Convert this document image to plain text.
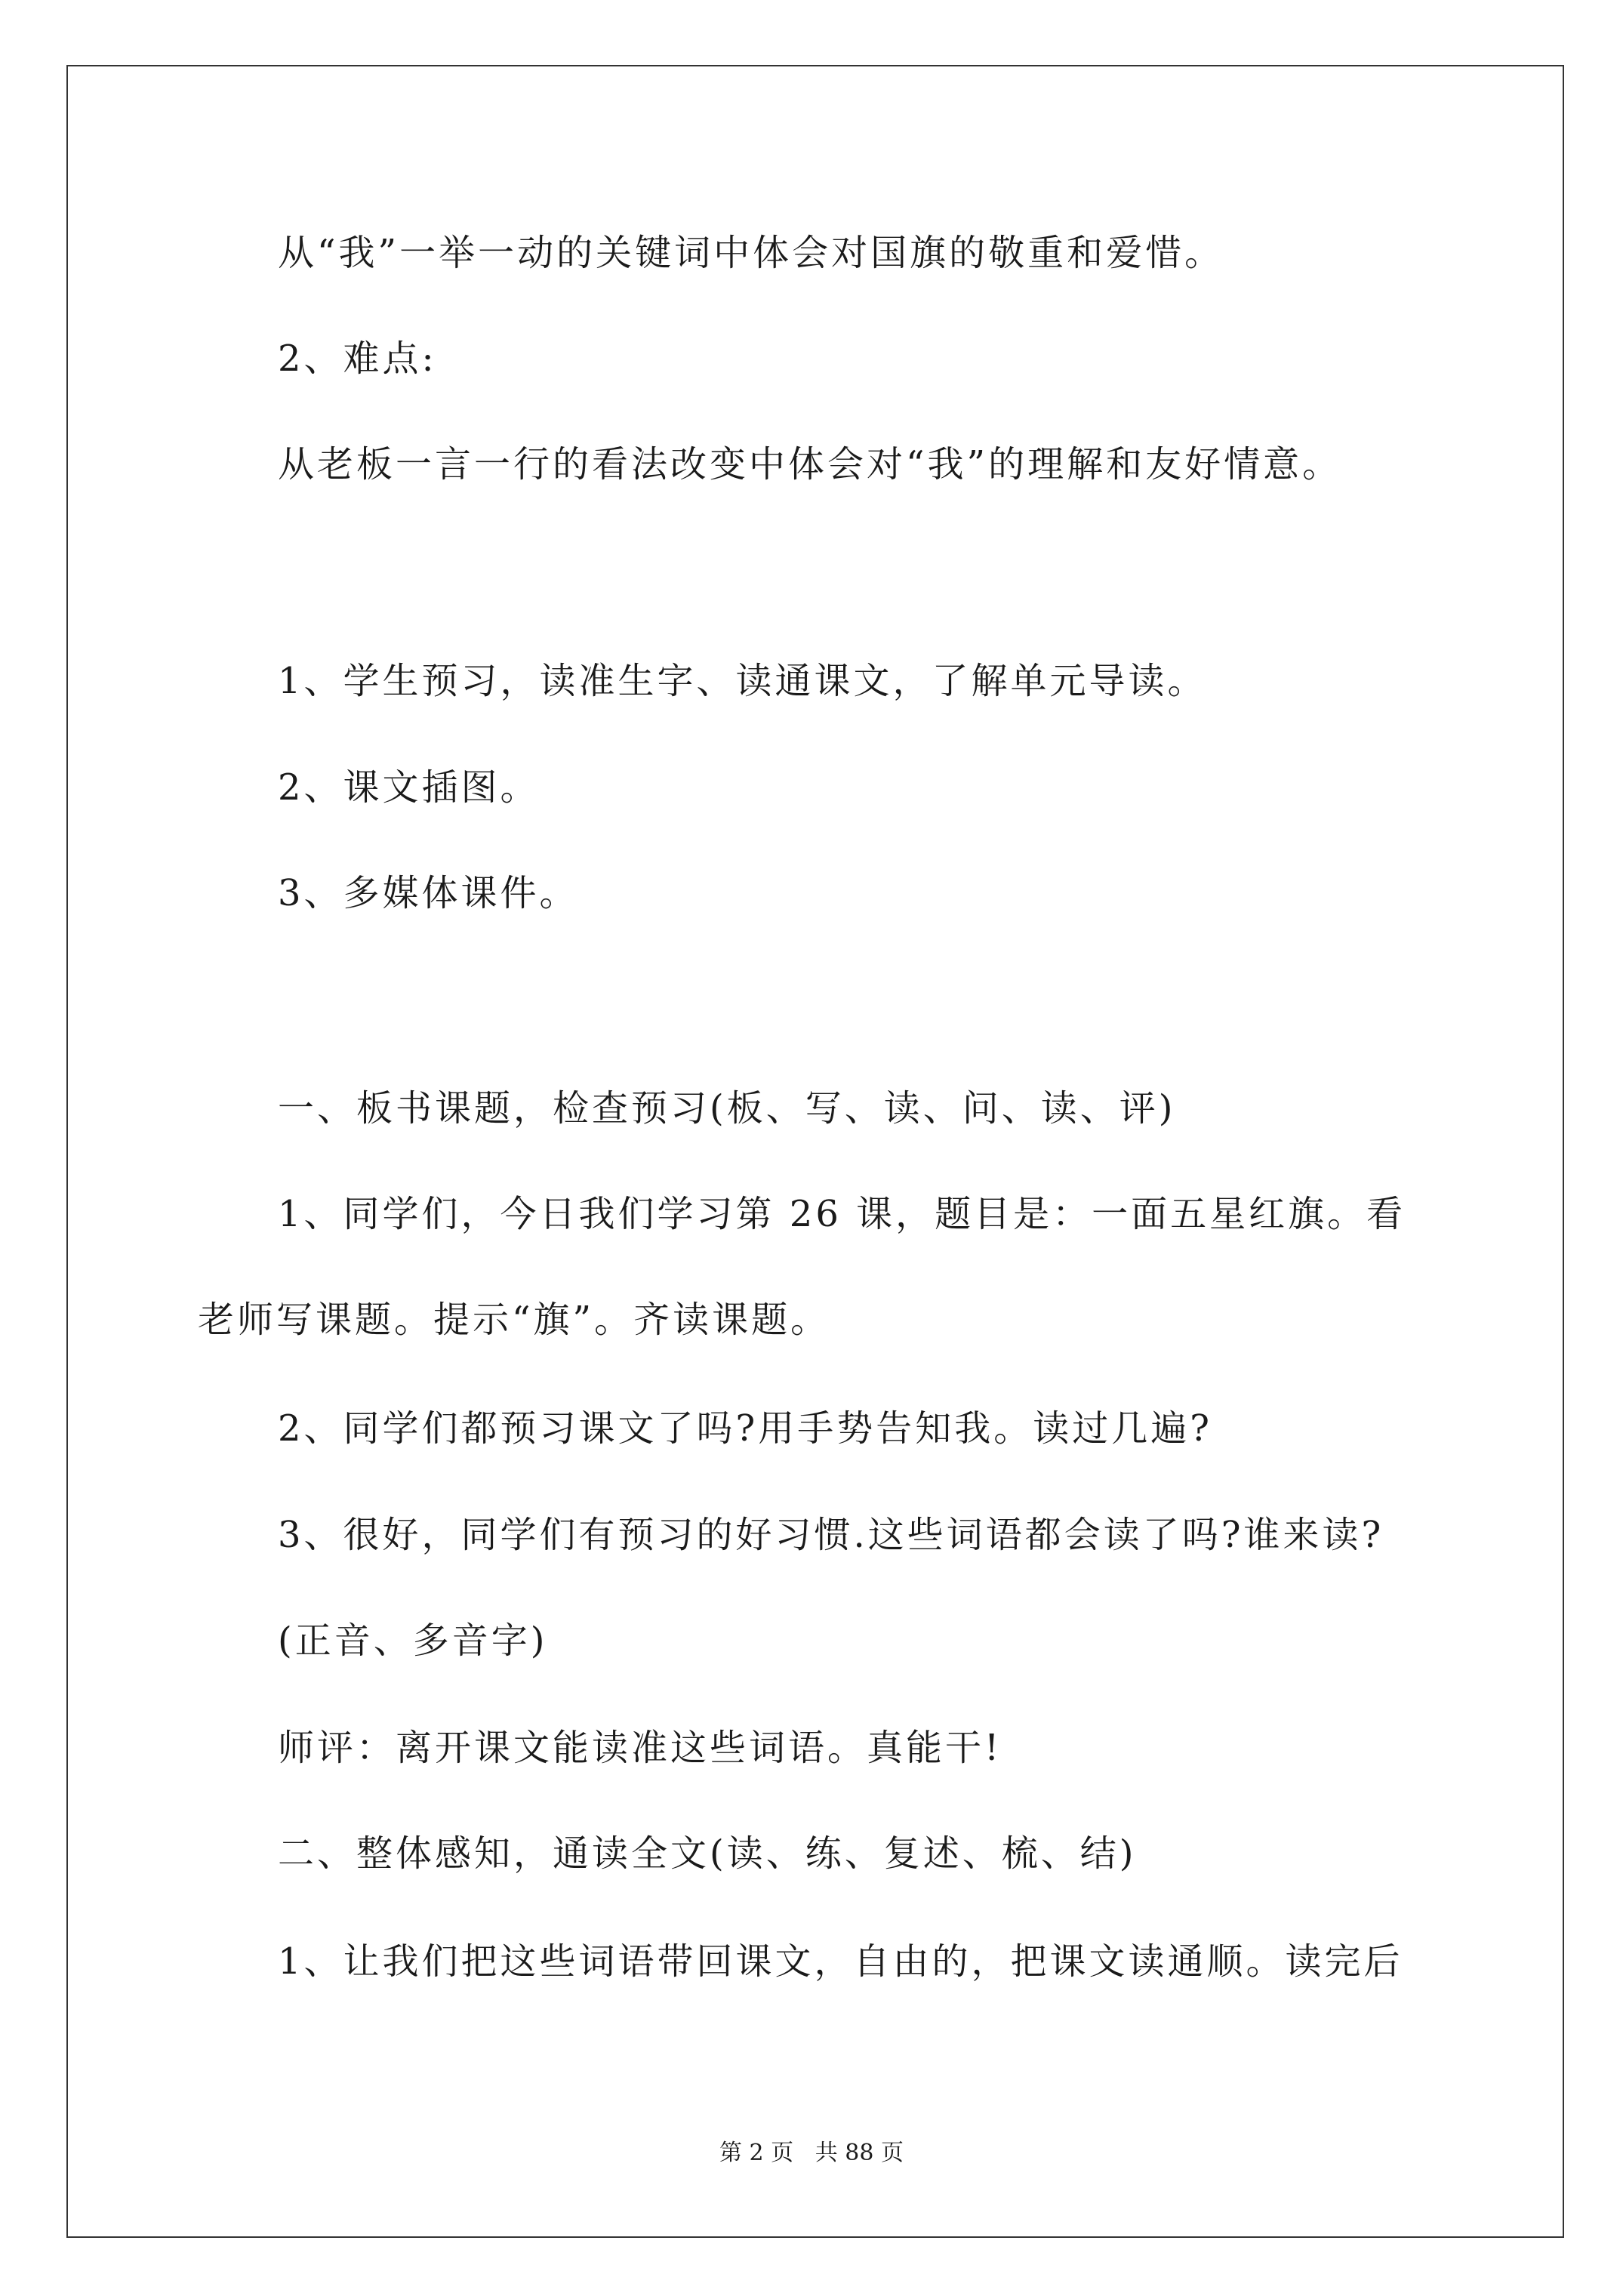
从“我”一举一动的关键词中体会对国旗的敬重和爱惜。
2、难点:
从老板一言一行的看法改变中体会对“我”的理解和友好情意。
1、学生预习，读准生字、读通课文，了解单元导读。
2、课文插图。
3、多媒体课件。
一、板书课题，检查预习(板、写、读、问、读、评)
1、同学们，今日我们学习第 26 课，题目是：一面五星红旗。看
老师写课题。提示“旗”。齐读课题。
2、同学们都预习课文了吗?用手势告知我。读过几遍?
3、很好，同学们有预习的好习惯.这些词语都会读了吗?谁来读?
(正音、多音字)
师评：离开课文能读准这些词语。真能干!
二、整体感知，通读全文(读、练、复述、梳、结)
1、让我们把这些词语带回课文，自由的，把课文读通顺。读完后
第 2 页   共 88 页
